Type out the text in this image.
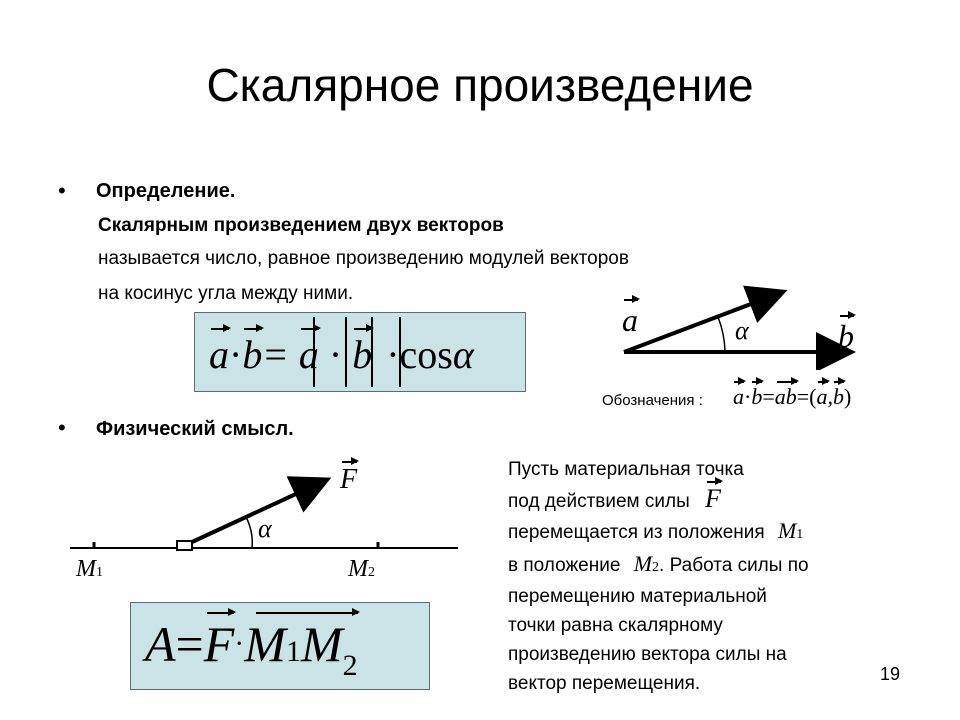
Скалярное произведение
• Определение.
Скалярным произведением двух векторов
называется число, равное произведению модулей векторов
на косинус угла между ними.
a·b= a · b ·cosα
a	α	b
Обозначения : a·b=ab=(a,b)
• Физический смысл.
F
α
M1	M2
$A=F\cdot M1M_2$
Пусть материальная точка
под действием силы F
перемещается из положения M1
в положение M2. Работа силы по
перемещению материальной
точки равна скалярному
произведению вектора силы на
вектор перемещения.	19
